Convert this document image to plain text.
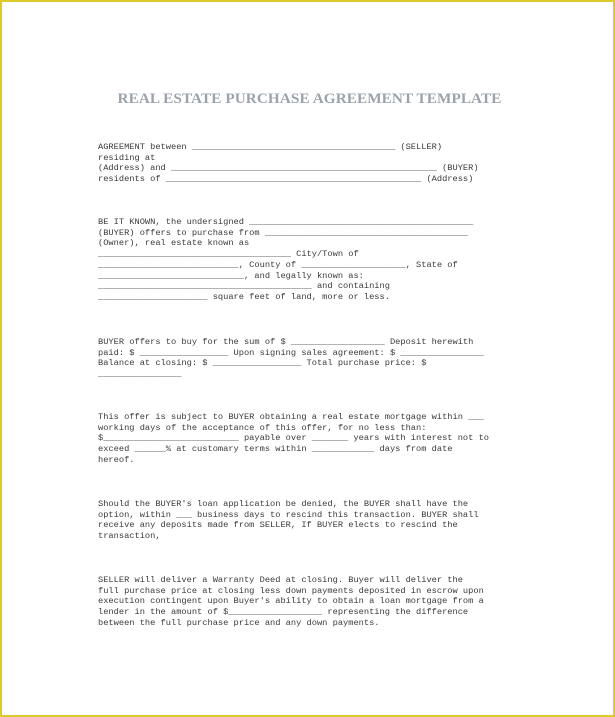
REAL ESTATE PURCHASE AGREEMENT TEMPLATE
AGREEMENT between _______________________________________ (SELLER)
residing at
(Address) and ___________________________________________________ (BUYER)
residents of _________________________________________________ (Address)
BE IT KNOWN, the undersigned ___________________________________________
(BUYER) offers to purchase from _______________________________________
(Owner), real estate known as
_____________________________________ City/Town of
___________________________, County of ____________________, State of
____________________________, and legally known as:
_________________________________________ and containing
_____________________ square feet of land, more or less.
BUYER offers to buy for the sum of $ __________________ Deposit herewith
paid: $ _________________ Upon signing sales agreement: $ ________________
Balance at closing: $ _________________ Total purchase price: $
________________
This offer is subject to BUYER obtaining a real estate mortgage within ___
working days of the acceptance of this offer, for no less than:
$__________________________ payable over _______ years with interest not to
exceed ______% at customary terms within ____________ days from date
hereof.
Should the BUYER's loan application be denied, the BUYER shall have the
option, within ___ business days to rescind this transaction. BUYER shall
receive any deposits made from SELLER, If BUYER elects to rescind the
transaction,
SELLER will deliver a Warranty Deed at closing. Buyer will deliver the
full purchase price at closing less down payments deposited in escrow upon
execution contingent upon Buyer's ability to obtain a loan mortgage from a
lender in the amount of $__________________ representing the difference
between the full purchase price and any down payments.
